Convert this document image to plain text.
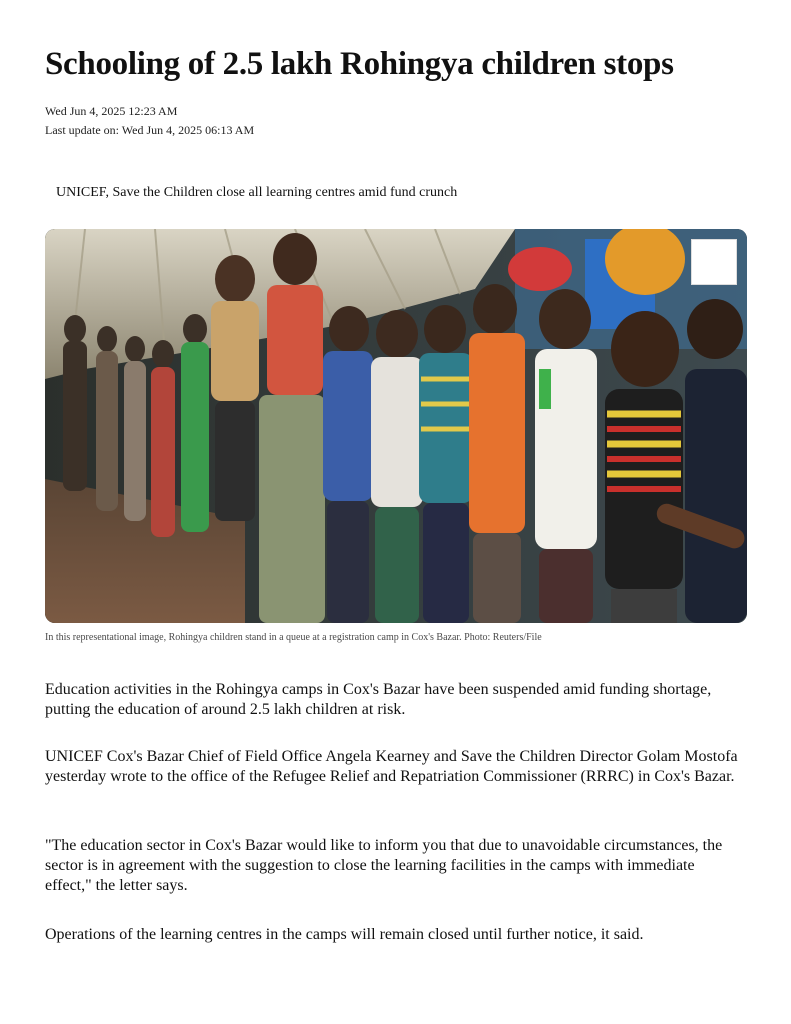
Schooling of 2.5 lakh Rohingya children stops
Wed Jun 4, 2025 12:23 AM
Last update on: Wed Jun 4, 2025 06:13 AM
UNICEF, Save the Children close all learning centres amid fund crunch
In this representational image, Rohingya children stand in a queue at a registration camp in Cox's Bazar. Photo: Reuters/File

Education activities in the Rohingya camps in Cox's Bazar have been suspended amid funding shortage, putting the education of around 2.5 lakh children at risk.

UNICEF Cox's Bazar Chief of Field Office Angela Kearney and Save the Children Director Golam Mostofa yesterday wrote to the office of the Refugee Relief and Repatriation Commissioner (RRRC) in Cox's Bazar.

"The education sector in Cox's Bazar would like to inform you that due to unavoidable circumstances, the sector is in agreement with the suggestion to close the learning facilities in the camps with immediate effect," the letter says.

Operations of the learning centres in the camps will remain closed until further notice, it said.
